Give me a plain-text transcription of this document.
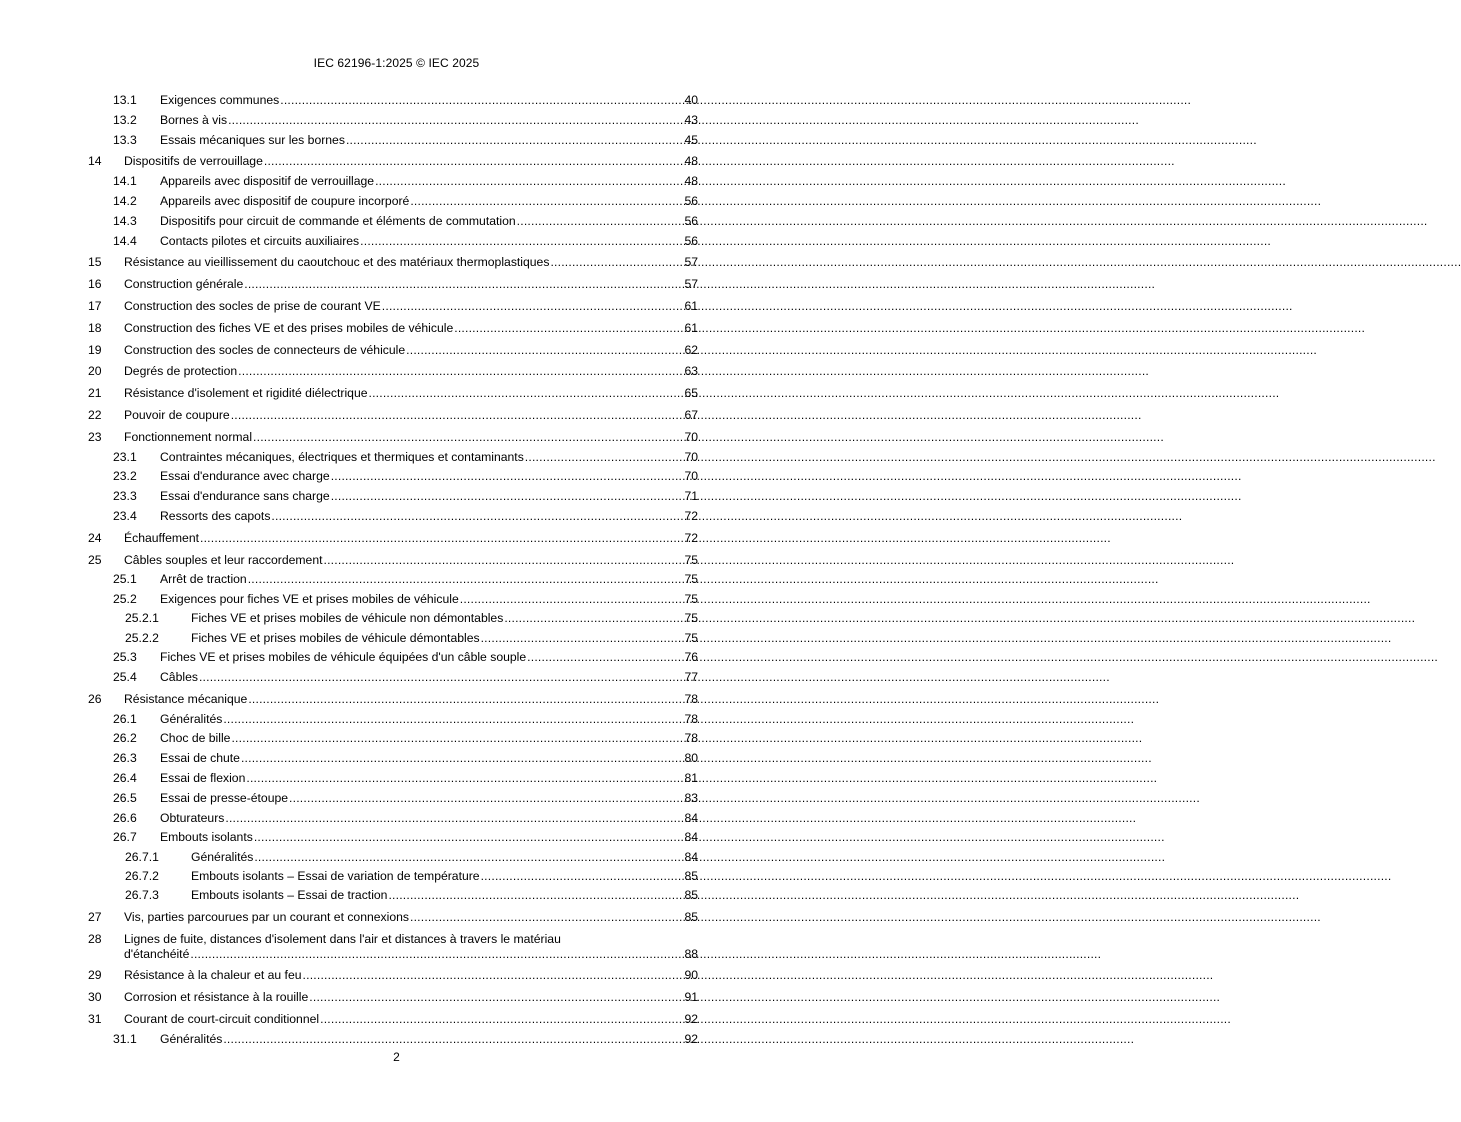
IEC 62196-1:2025 © IEC 2025
13.1	Exigences communes .....	40
13.2	Bornes à vis .....	43
13.3	Essais mécaniques sur les bornes .....	45
14	Dispositifs de verrouillage .....	48
14.1	Appareils avec dispositif de verrouillage .....	48
14.2	Appareils avec dispositif de coupure incorporé .....	56
14.3	Dispositifs pour circuit de commande et éléments de commutation .....	56
14.4	Contacts pilotes et circuits auxiliaires .....	56
15	Résistance au vieillissement du caoutchouc et des matériaux thermoplastiques .....	57
16	Construction générale .....	57
17	Construction des socles de prise de courant VE .....	61
18	Construction des fiches VE et des prises mobiles de véhicule .....	61
19	Construction des socles de connecteurs de véhicule .....	62
20	Degrés de protection .....	63
21	Résistance d'isolement et rigidité diélectrique .....	65
22	Pouvoir de coupure .....	67
23	Fonctionnement normal .....	70
23.1	Contraintes mécaniques, électriques et thermiques et contaminants .....	70
23.2	Essai d'endurance avec charge .....	70
23.3	Essai d'endurance sans charge .....	71
23.4	Ressorts des capots .....	72
24	Échauffement .....	72
25	Câbles souples et leur raccordement .....	75
25.1	Arrêt de traction .....	75
25.2	Exigences pour fiches VE et prises mobiles de véhicule .....	75
25.2.1	Fiches VE et prises mobiles de véhicule non démontables .....	75
25.2.2	Fiches VE et prises mobiles de véhicule démontables .....	75
25.3	Fiches VE et prises mobiles de véhicule équipées d'un câble souple .....	76
25.4	Câbles .....	77
26	Résistance mécanique .....	78
26.1	Généralités .....	78
26.2	Choc de bille .....	78
26.3	Essai de chute .....	80
26.4	Essai de flexion .....	81
26.5	Essai de presse-étoupe .....	83
26.6	Obturateurs .....	84
26.7	Embouts isolants .....	84
26.7.1	Généralités .....	84
26.7.2	Embouts isolants – Essai de variation de température .....	85
26.7.3	Embouts isolants – Essai de traction .....	85
27	Vis, parties parcourues par un courant et connexions .....	85
28	Lignes de fuite, distances d'isolement dans l'air et distances à travers le matériau
d'étanchéité .....	88
29	Résistance à la chaleur et au feu .....	90
30	Corrosion et résistance à la rouille .....	91
31	Courant de court-circuit conditionnel .....	92
31.1	Généralités .....	92
2
